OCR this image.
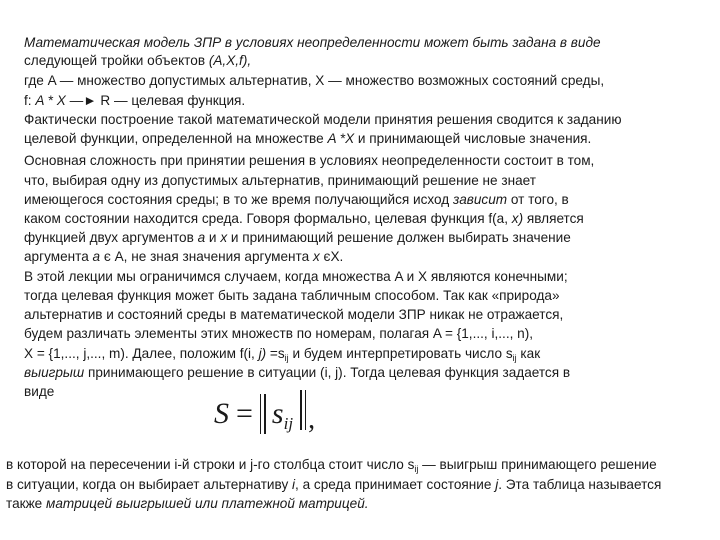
Математическая модель ЗПР в условиях неопределенности может быть задана в виде
следующей тройки объектов (A,X,f),
где A — множество допустимых альтернатив, X — множество возможных состояний среды,
f: A * X —► R — целевая функция.
Фактически построение такой математической модели принятия решения сводится к заданию
целевой функции, определенной на множестве A *X и принимающей числовые значения.
Основная сложность при принятии решения в условиях неопределенности состоит в том,
что, выбирая одну из допустимых альтернатив, принимающий решение не знает
имеющегося состояния среды; в то же время получающийся исход зависит от того, в
каком состоянии находится среда. Говоря формально, целевая функция f(a, x) является
функцией двух аргументов a и x и принимающий решение должен выбирать значение
аргумента a є A, не зная значения аргумента x єX.
В этой лекции мы ограничимся случаем, когда множества A и X являются конечными;
тогда целевая функция может быть задана табличным способом. Так как «природа»
альтернатив и состояний среды в математической модели ЗПР никак не отражается,
будем различать элементы этих множеств по номерам, полагая A = {1,..., i,..., n),
X = {1,..., j,..., m). Далее, положим f(i, $j) =s_{ij}$ и будем интерпретировать число $s_{ij}$ как
выигрыш принимающего решение в ситуации (i, j). Тогда целевая функция задается в
виде
S = s ij ,
в которой на пересечении i-й строки и j-го столбца стоит число $s_{ij}$ — выигрыш принимающего решение
в ситуации, когда он выбирает альтернативу i, а среда принимает состояние j. Эта таблица называется
также матрицей выигрышей или платежной матрицей.
